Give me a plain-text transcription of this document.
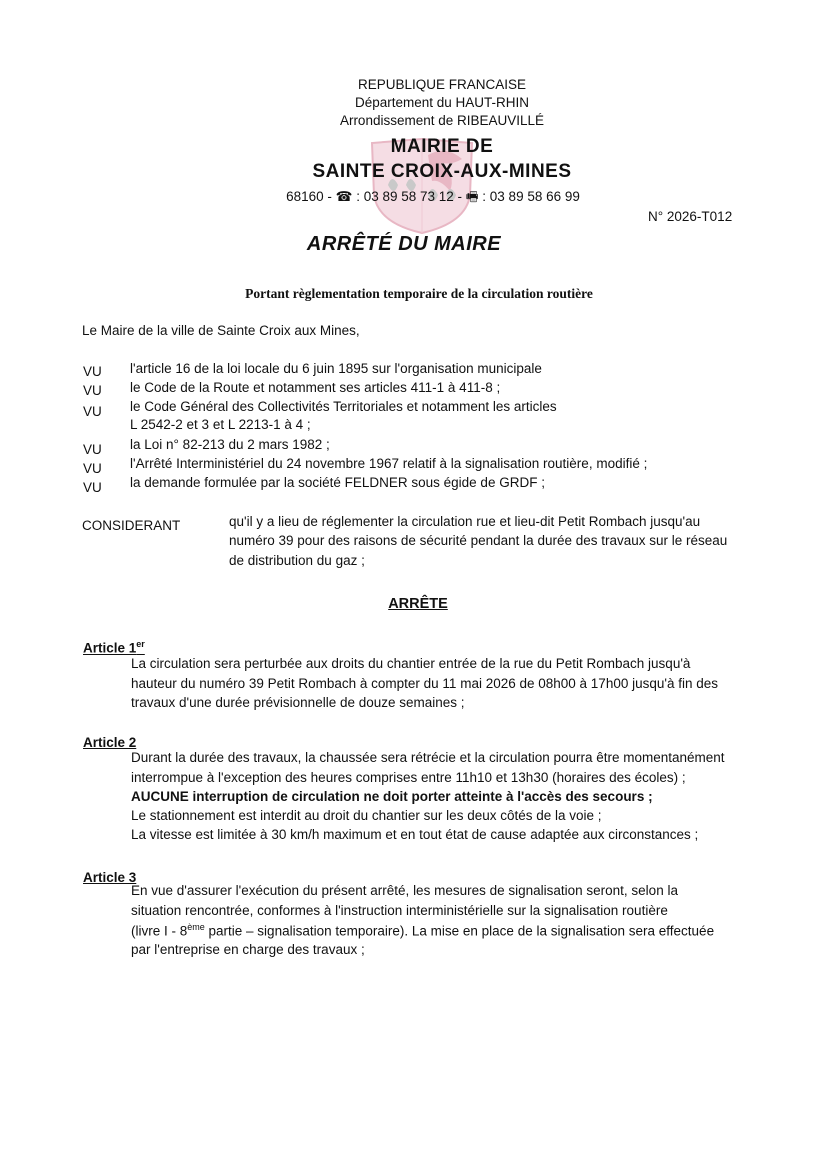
REPUBLIQUE FRANCAISE
Département du HAUT-RHIN
Arrondissement de RIBEAUVILLÉ
MAIRIE DE
SAINTE CROIX-AUX-MINES
68160 - ☎ : 03 89 58 73 12 - 🖷 : 03 89 58 66 99
N° 2026-T012
ARRÊTÉ DU MAIRE
Portant règlementation temporaire de la circulation routière
Le Maire de la ville de Sainte Croix aux Mines,
VU l'article 16 de la loi locale du 6 juin 1895 sur l'organisation municipale
VU le Code de la Route et notamment ses articles 411-1 à 411-8 ;
VU le Code Général des Collectivités Territoriales et notamment les articles
L 2542-2 et 3 et L 2213-1 à 4 ;
VU la Loi n° 82-213 du 2 mars 1982 ;
VU l'Arrêté Interministériel du 24 novembre 1967 relatif à la signalisation routière, modifié ;
VU la demande formulée par la société FELDNER sous égide de GRDF ;
CONSIDERANT	qu'il y a lieu de réglementer la circulation rue et lieu-dit Petit Rombach jusqu'au
numéro 39 pour des raisons de sécurité pendant la durée des travaux sur le réseau
de distribution du gaz ;
ARRÊTE
Article 1er
La circulation sera perturbée aux droits du chantier entrée de la rue du Petit Rombach jusqu'à
hauteur du numéro 39 Petit Rombach à compter du 11 mai 2026 de 08h00 à 17h00 jusqu'à fin des
travaux d'une durée prévisionnelle de douze semaines ;
Article 2
Durant la durée des travaux, la chaussée sera rétrécie et la circulation pourra être momentanément
interrompue à l'exception des heures comprises entre 11h10 et 13h30 (horaires des écoles) ;
AUCUNE interruption de circulation ne doit porter atteinte à l'accès des secours ;
Le stationnement est interdit au droit du chantier sur les deux côtés de la voie ;
La vitesse est limitée à 30 km/h maximum et en tout état de cause adaptée aux circonstances ;
Article 3
En vue d'assurer l'exécution du présent arrêté, les mesures de signalisation seront, selon la
situation rencontrée, conformes à l'instruction interministérielle sur la signalisation routière
(livre I - 8ème partie – signalisation temporaire). La mise en place de la signalisation sera effectuée
par l'entreprise en charge des travaux ;
